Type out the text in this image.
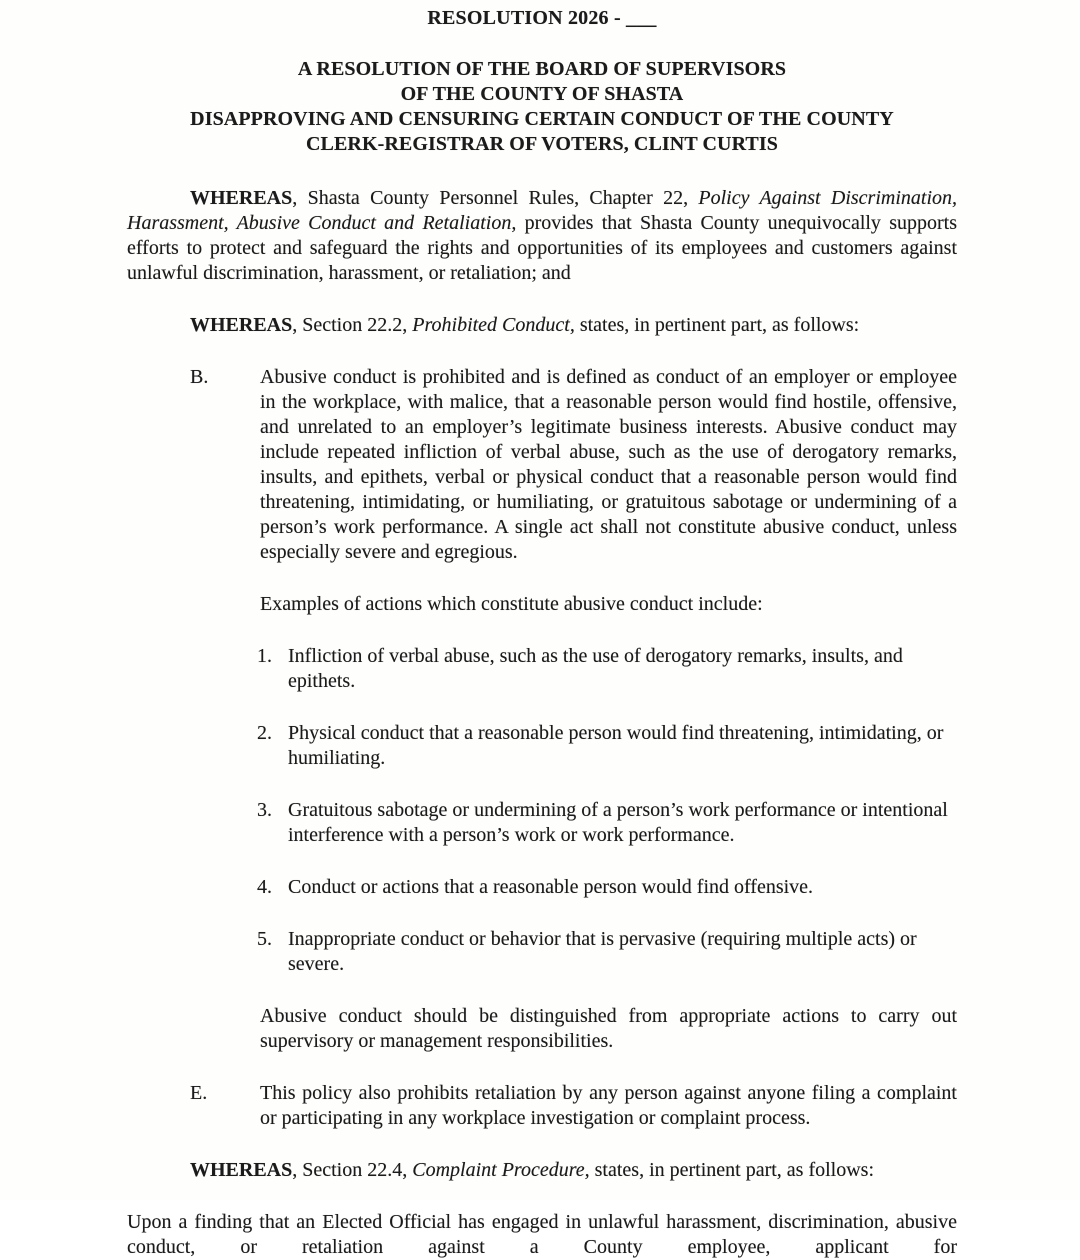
RESOLUTION 2026 - ___
A RESOLUTION OF THE BOARD OF SUPERVISORS
OF THE COUNTY OF SHASTA
DISAPPROVING AND CENSURING CERTAIN CONDUCT OF THE COUNTY
CLERK-REGISTRAR OF VOTERS, CLINT CURTIS
WHEREAS, Shasta County Personnel Rules, Chapter 22, Policy Against Discrimination, Harassment, Abusive Conduct and Retaliation, provides that Shasta County unequivocally supports efforts to protect and safeguard the rights and opportunities of its employees and customers against unlawful discrimination, harassment, or retaliation; and
WHEREAS, Section 22.2, Prohibited Conduct, states, in pertinent part, as follows:
B.	Abusive conduct is prohibited and is defined as conduct of an employer or employee in the workplace, with malice, that a reasonable person would find hostile, offensive, and unrelated to an employer’s legitimate business interests. Abusive conduct may include repeated infliction of verbal abuse, such as the use of derogatory remarks, insults, and epithets, verbal or physical conduct that a reasonable person would find threatening, intimidating, or humiliating, or gratuitous sabotage or undermining of a person’s work performance. A single act shall not constitute abusive conduct, unless especially severe and egregious.
Examples of actions which constitute abusive conduct include:
1. Infliction of verbal abuse, such as the use of derogatory remarks, insults, and epithets.
2. Physical conduct that a reasonable person would find threatening, intimidating, or humiliating.
3. Gratuitous sabotage or undermining of a person’s work performance or intentional interference with a person’s work or work performance.
4. Conduct or actions that a reasonable person would find offensive.
5. Inappropriate conduct or behavior that is pervasive (requiring multiple acts) or severe.
Abusive conduct should be distinguished from appropriate actions to carry out supervisory or management responsibilities.
E.	This policy also prohibits retaliation by any person against anyone filing a complaint or participating in any workplace investigation or complaint process.
WHEREAS, Section 22.4, Complaint Procedure, states, in pertinent part, as follows:
Upon a finding that an Elected Official has engaged in unlawful harassment, discrimination, abusive conduct, or retaliation against a County employee, applicant for
